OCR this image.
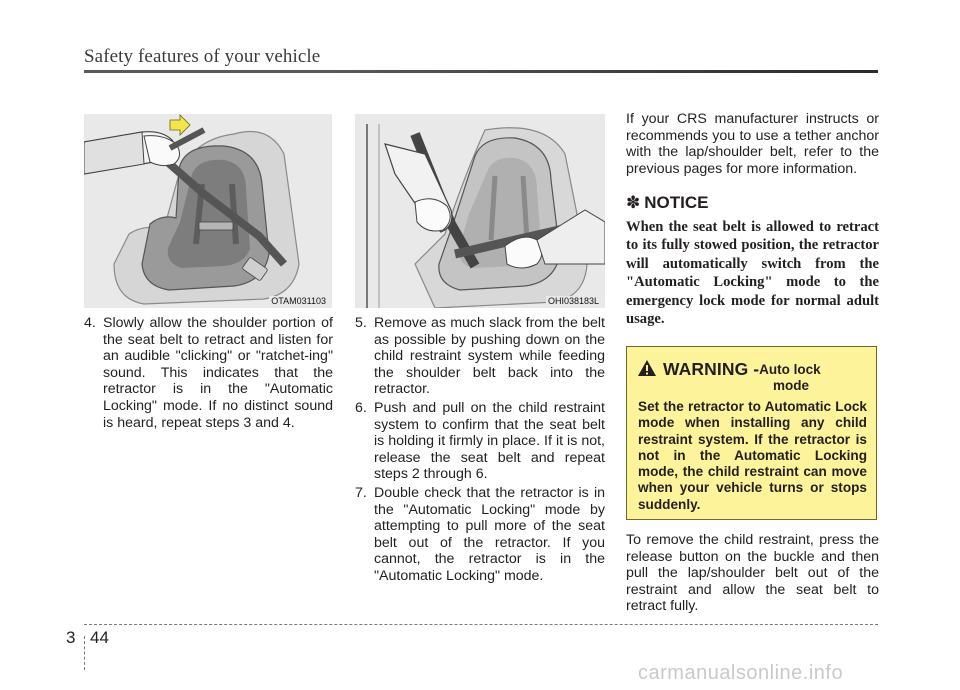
Safety features of your vehicle
OTAM031103	OHI038183L
4. Slowly allow the shoulder portion of the seat belt to retract and listen for an audible "clicking" or "ratchet-ing" sound. This indicates that the retractor is in the "Automatic Locking" mode. If no distinct sound is heard, repeat steps 3 and 4.
5. Remove as much slack from the belt as possible by pushing down on the child restraint system while feeding the shoulder belt back into the retractor.
6. Push and pull on the child restraint system to confirm that the seat belt is holding it firmly in place. If it is not, release the seat belt and repeat steps 2 through 6.
7. Double check that the retractor is in the "Automatic Locking" mode by attempting to pull more of the seat belt out of the retractor. If you cannot, the retractor is in the "Automatic Locking" mode.

If your CRS manufacturer instructs or recommends you to use a tether anchor with the lap/shoulder belt, refer to the previous pages for more information.

✽ NOTICE
When the seat belt is allowed to retract to its fully stowed position, the retractor will automatically switch from the "Automatic Locking" mode to the emergency lock mode for normal adult usage.
WARNING - Auto lock
mode
Set the retractor to Automatic Lock mode when installing any child restraint system. If the retractor is not in the Automatic Locking mode, the child restraint can move when your vehicle turns or stops suddenly.
To remove the child restraint, press the release button on the buckle and then pull the lap/shoulder belt out of the restraint and allow the seat belt to retract fully.
3 44
carmanualsonline.info
